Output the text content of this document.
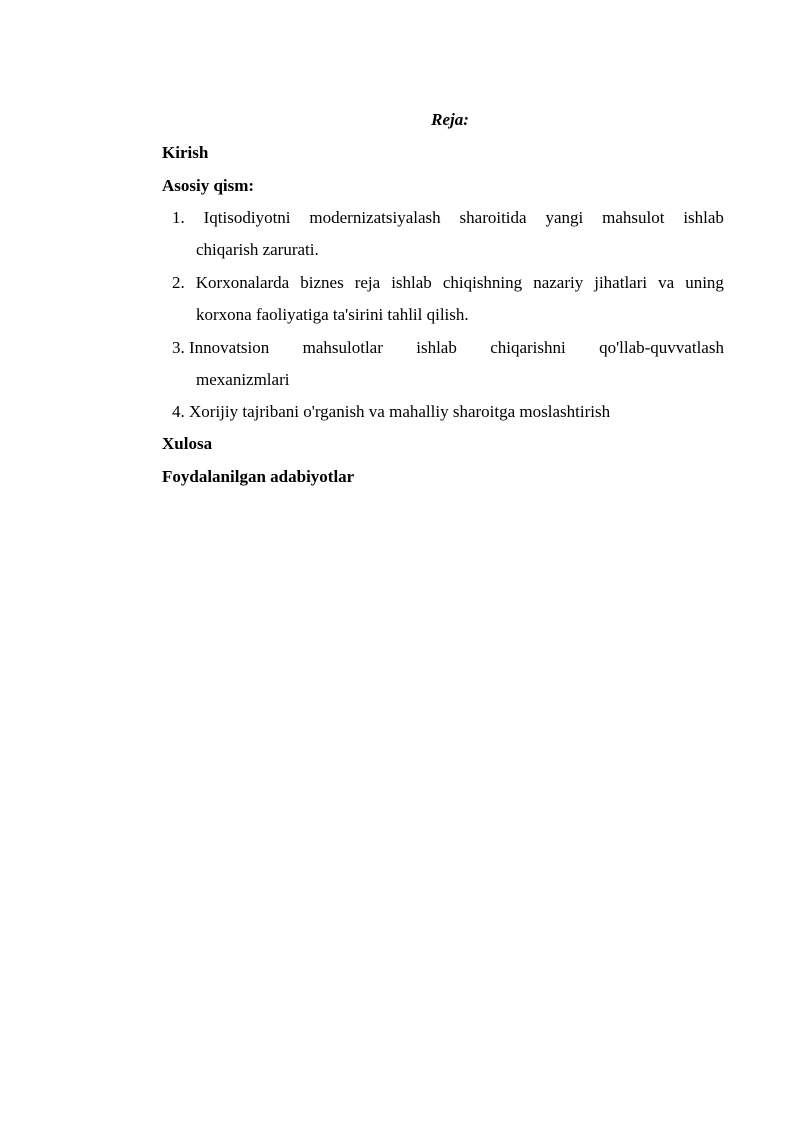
Reja:
Kirish
Asosiy qism:
1. Iqtisodiyotni modernizatsiyalash sharoitida yangi mahsulot ishlab
chiqarish zarurati.
2. Korxonalarda biznes reja ishlab chiqishning nazariy jihatlari va uning
korxona faoliyatiga ta'sirini tahlil qilish.
3. Innovatsion mahsulotlar ishlab chiqarishni qo'llab-quvvatlash
mexanizmlari
4. Xorijiy tajribani o'rganish va mahalliy sharoitga moslashtirish
Xulosa
Foydalanilgan adabiyotlar
